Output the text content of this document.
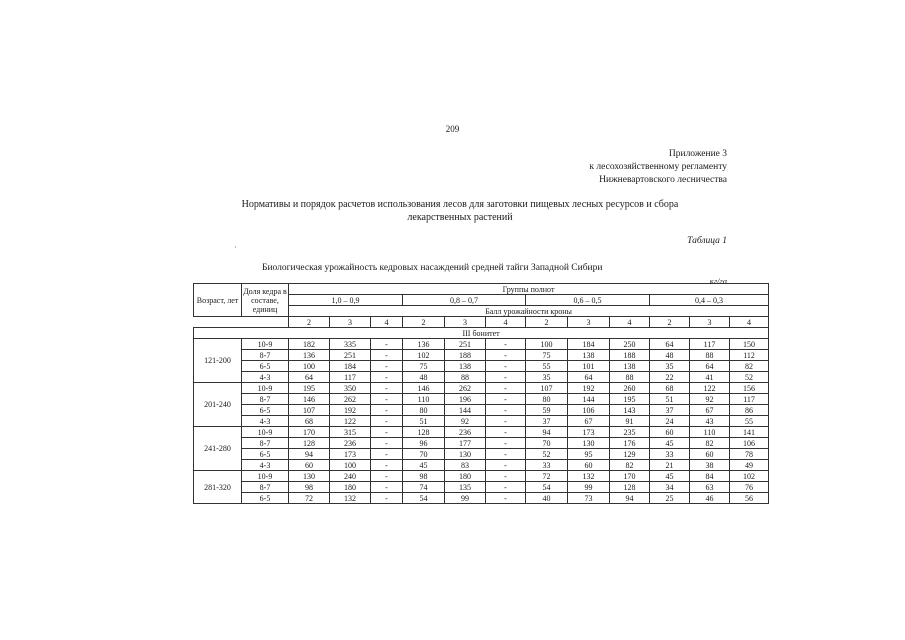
209
Приложение 3
к лесохозяйственному регламенту
Нижневартовского лесничества
Нормативы и порядок расчетов использования лесов для заготовки пищевых лесных ресурсов и сбора
лекарственных растений
·
Таблица 1
Биологическая урожайность кедровых насаждений средней тайги Западной Сибири
кг/га
Возраст, лет	Доля кедра в составе, единиц	Группы полнот											
		1,0 – 0,9			0,8 – 0,7			0,6 – 0,5			0,4 – 0,3		
		Балл урожайности кроны											
		2	3	4	2	3	4	2	3	4	2	3	4
III бонитет													
121-200	10-9	182	335	-	136	251	-	100	184	250	64	117	150
	8-7	136	251	-	102	188	-	75	138	188	48	88	112
	6-5	100	184	-	75	138	-	55	101	138	35	64	82
	4-3	64	117	-	48	88	-	35	64	88	22	41	52
201-240	10-9	195	350	-	146	262	-	107	192	260	68	122	156
	8-7	146	262	-	110	196	-	80	144	195	51	92	117
	6-5	107	192	-	80	144	-	59	106	143	37	67	86
	4-3	68	122	-	51	92	-	37	67	91	24	43	55
241-280	10-9	170	315	-	128	236	-	94	173	235	60	110	141
	8-7	128	236	-	96	177	-	70	130	176	45	82	106
	6-5	94	173	-	70	130	-	52	95	129	33	60	78
	4-3	60	100	-	45	83	-	33	60	82	21	38	49
281-320	10-9	130	240	-	98	180	-	72	132	170	45	84	102
	8-7	98	180	-	74	135	-	54	99	128	34	63	76
	6-5	72	132	-	54	99	-	40	73	94	25	46	56
